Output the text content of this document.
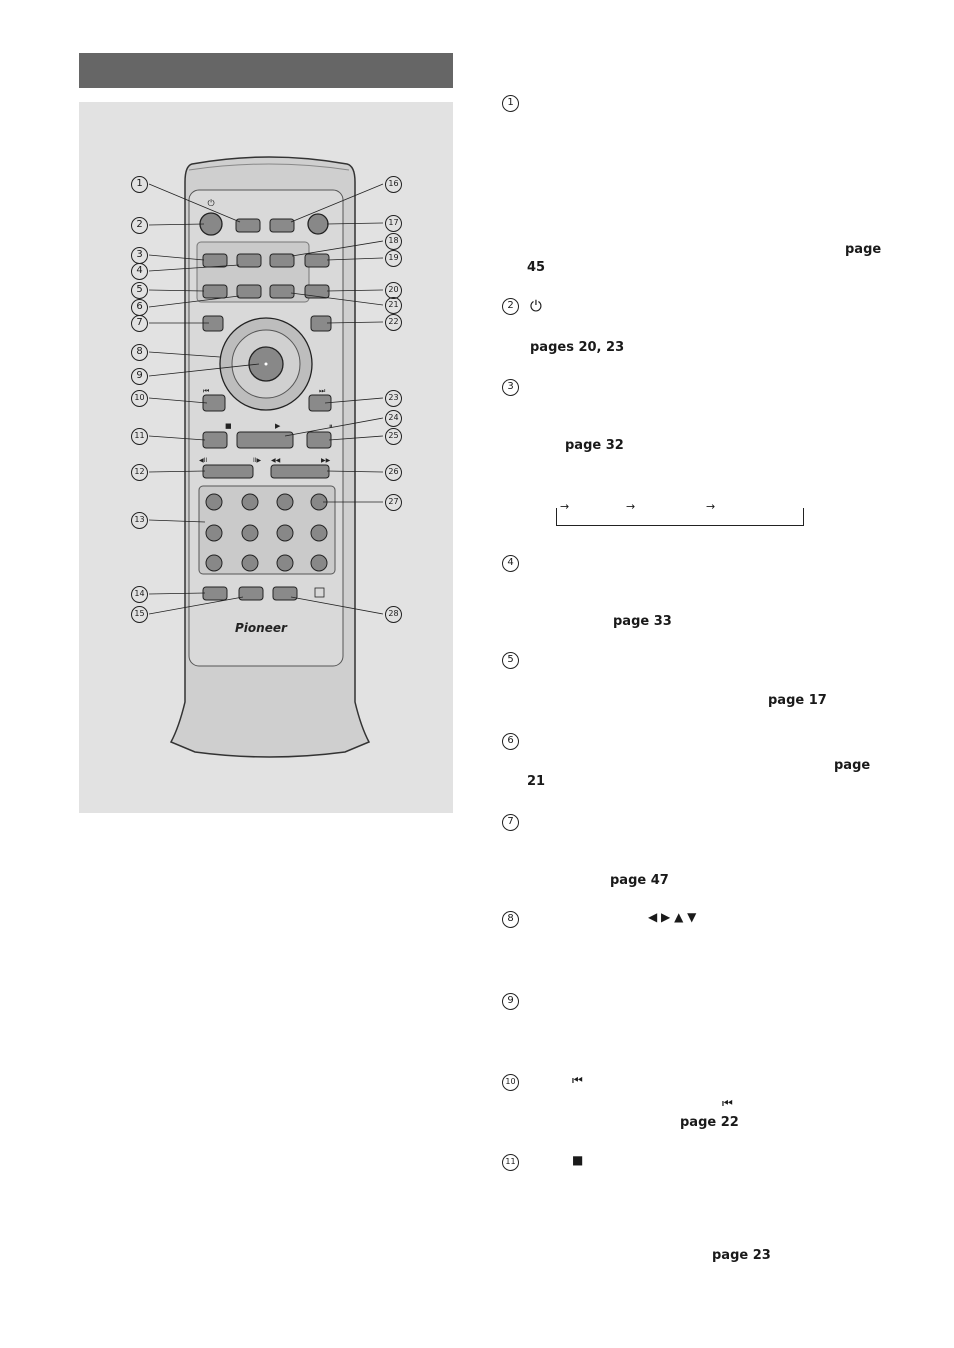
⏻
⏮	⏭
■	▶	⏸
◀II	II▶ ◀◀	▶▶
Pioneer
1
2
3
4
5
6
7
8
9
10
11
12
13
14
15
16
17
18
19
20
21
22
23
24
25
26
27
28
1
2	⏻
3
4
5
6
7
8	◀ ▶ ▲ ▼
9
10	⏮
11	■
⏮
page
45
pages 20, 23
page 32
page 33
page 17
page
21
page 47
page 22
page 23
→	→	→
